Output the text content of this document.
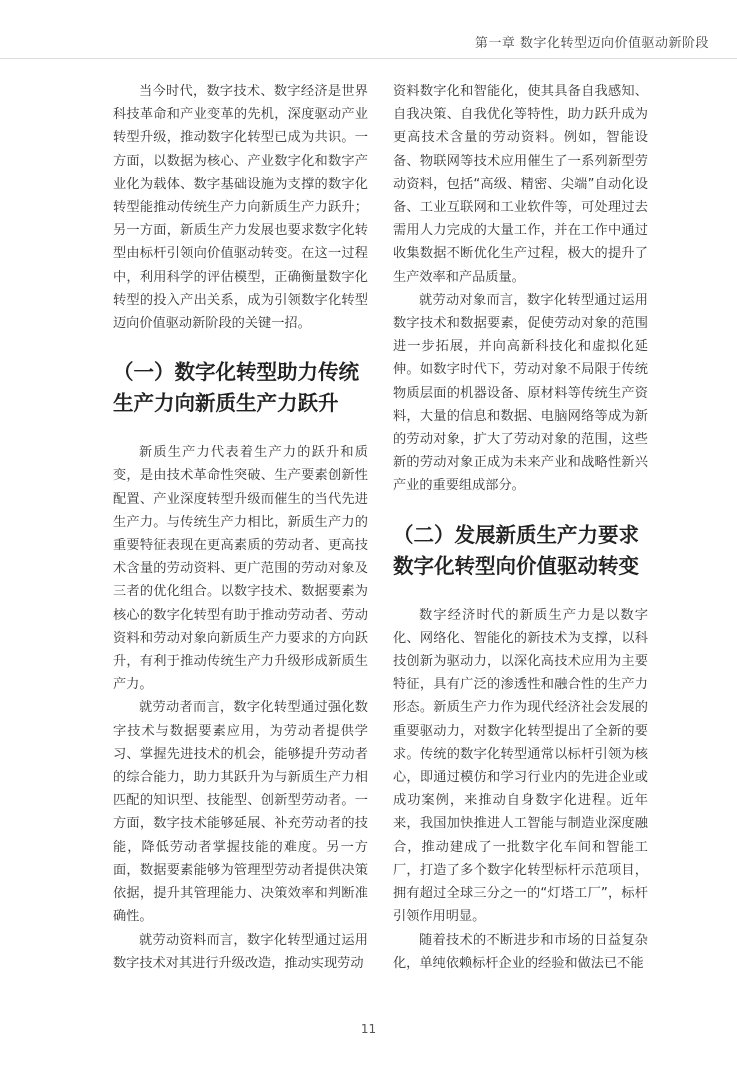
第一章 数字化转型迈向价值驱动新阶段

当今时代，数字技术、数字经济是世界科技革命和产业变革的先机，深度驱动产业转型升级，推动数字化转型已成为共识。一方面，以数据为核心、产业数字化和数字产业化为载体、数字基础设施为支撑的数字化转型能推动传统生产力向新质生产力跃升；另一方面，新质生产力发展也要求数字化转型由标杆引领向价值驱动转变。在这一过程中，利用科学的评估模型，正确衡量数字化转型的投入产出关系，成为引领数字化转型迈向价值驱动新阶段的关键一招。

（一）数字化转型助力传统生产力向新质生产力跃升

新质生产力代表着生产力的跃升和质变，是由技术革命性突破、生产要素创新性配置、产业深度转型升级而催生的当代先进生产力。与传统生产力相比，新质生产力的重要特征表现在更高素质的劳动者、更高技术含量的劳动资料、更广范围的劳动对象及三者的优化组合。以数字技术、数据要素为核心的数字化转型有助于推动劳动者、劳动资料和劳动对象向新质生产力要求的方向跃升，有利于推动传统生产力升级形成新质生产力。

就劳动者而言，数字化转型通过强化数字技术与数据要素应用，为劳动者提供学习、掌握先进技术的机会，能够提升劳动者的综合能力，助力其跃升为与新质生产力相匹配的知识型、技能型、创新型劳动者。一方面，数字技术能够延展、补充劳动者的技能，降低劳动者掌握技能的难度。另一方面，数据要素能够为管理型劳动者提供决策依据，提升其管理能力、决策效率和判断准确性。

就劳动资料而言，数字化转型通过运用数字技术对其进行升级改造，推动实现劳动

资料数字化和智能化，使其具备自我感知、自我决策、自我优化等特性，助力跃升成为更高技术含量的劳动资料。例如，智能设备、物联网等技术应用催生了一系列新型劳动资料，包括“高级、精密、尖端”自动化设备、工业互联网和工业软件等，可处理过去需用人力完成的大量工作，并在工作中通过收集数据不断优化生产过程，极大的提升了生产效率和产品质量。

就劳动对象而言，数字化转型通过运用数字技术和数据要素，促使劳动对象的范围进一步拓展，并向高新科技化和虚拟化延伸。如数字时代下，劳动对象不局限于传统物质层面的机器设备、原材料等传统生产资料，大量的信息和数据、电脑网络等成为新的劳动对象，扩大了劳动对象的范围，这些新的劳动对象正成为未来产业和战略性新兴产业的重要组成部分。

（二）发展新质生产力要求数字化转型向价值驱动转变

数字经济时代的新质生产力是以数字化、网络化、智能化的新技术为支撑，以科技创新为驱动力，以深化高技术应用为主要特征，具有广泛的渗透性和融合性的生产力形态。新质生产力作为现代经济社会发展的重要驱动力，对数字化转型提出了全新的要求。传统的数字化转型通常以标杆引领为核心，即通过模仿和学习行业内的先进企业或成功案例，来推动自身数字化进程。近年来，我国加快推进人工智能与制造业深度融合，推动建成了一批数字化车间和智能工厂，打造了多个数字化转型标杆示范项目，拥有超过全球三分之一的“灯塔工厂”，标杆引领作用明显。

随着技术的不断进步和市场的日益复杂化，单纯依赖标杆企业的经验和做法已不能

11
